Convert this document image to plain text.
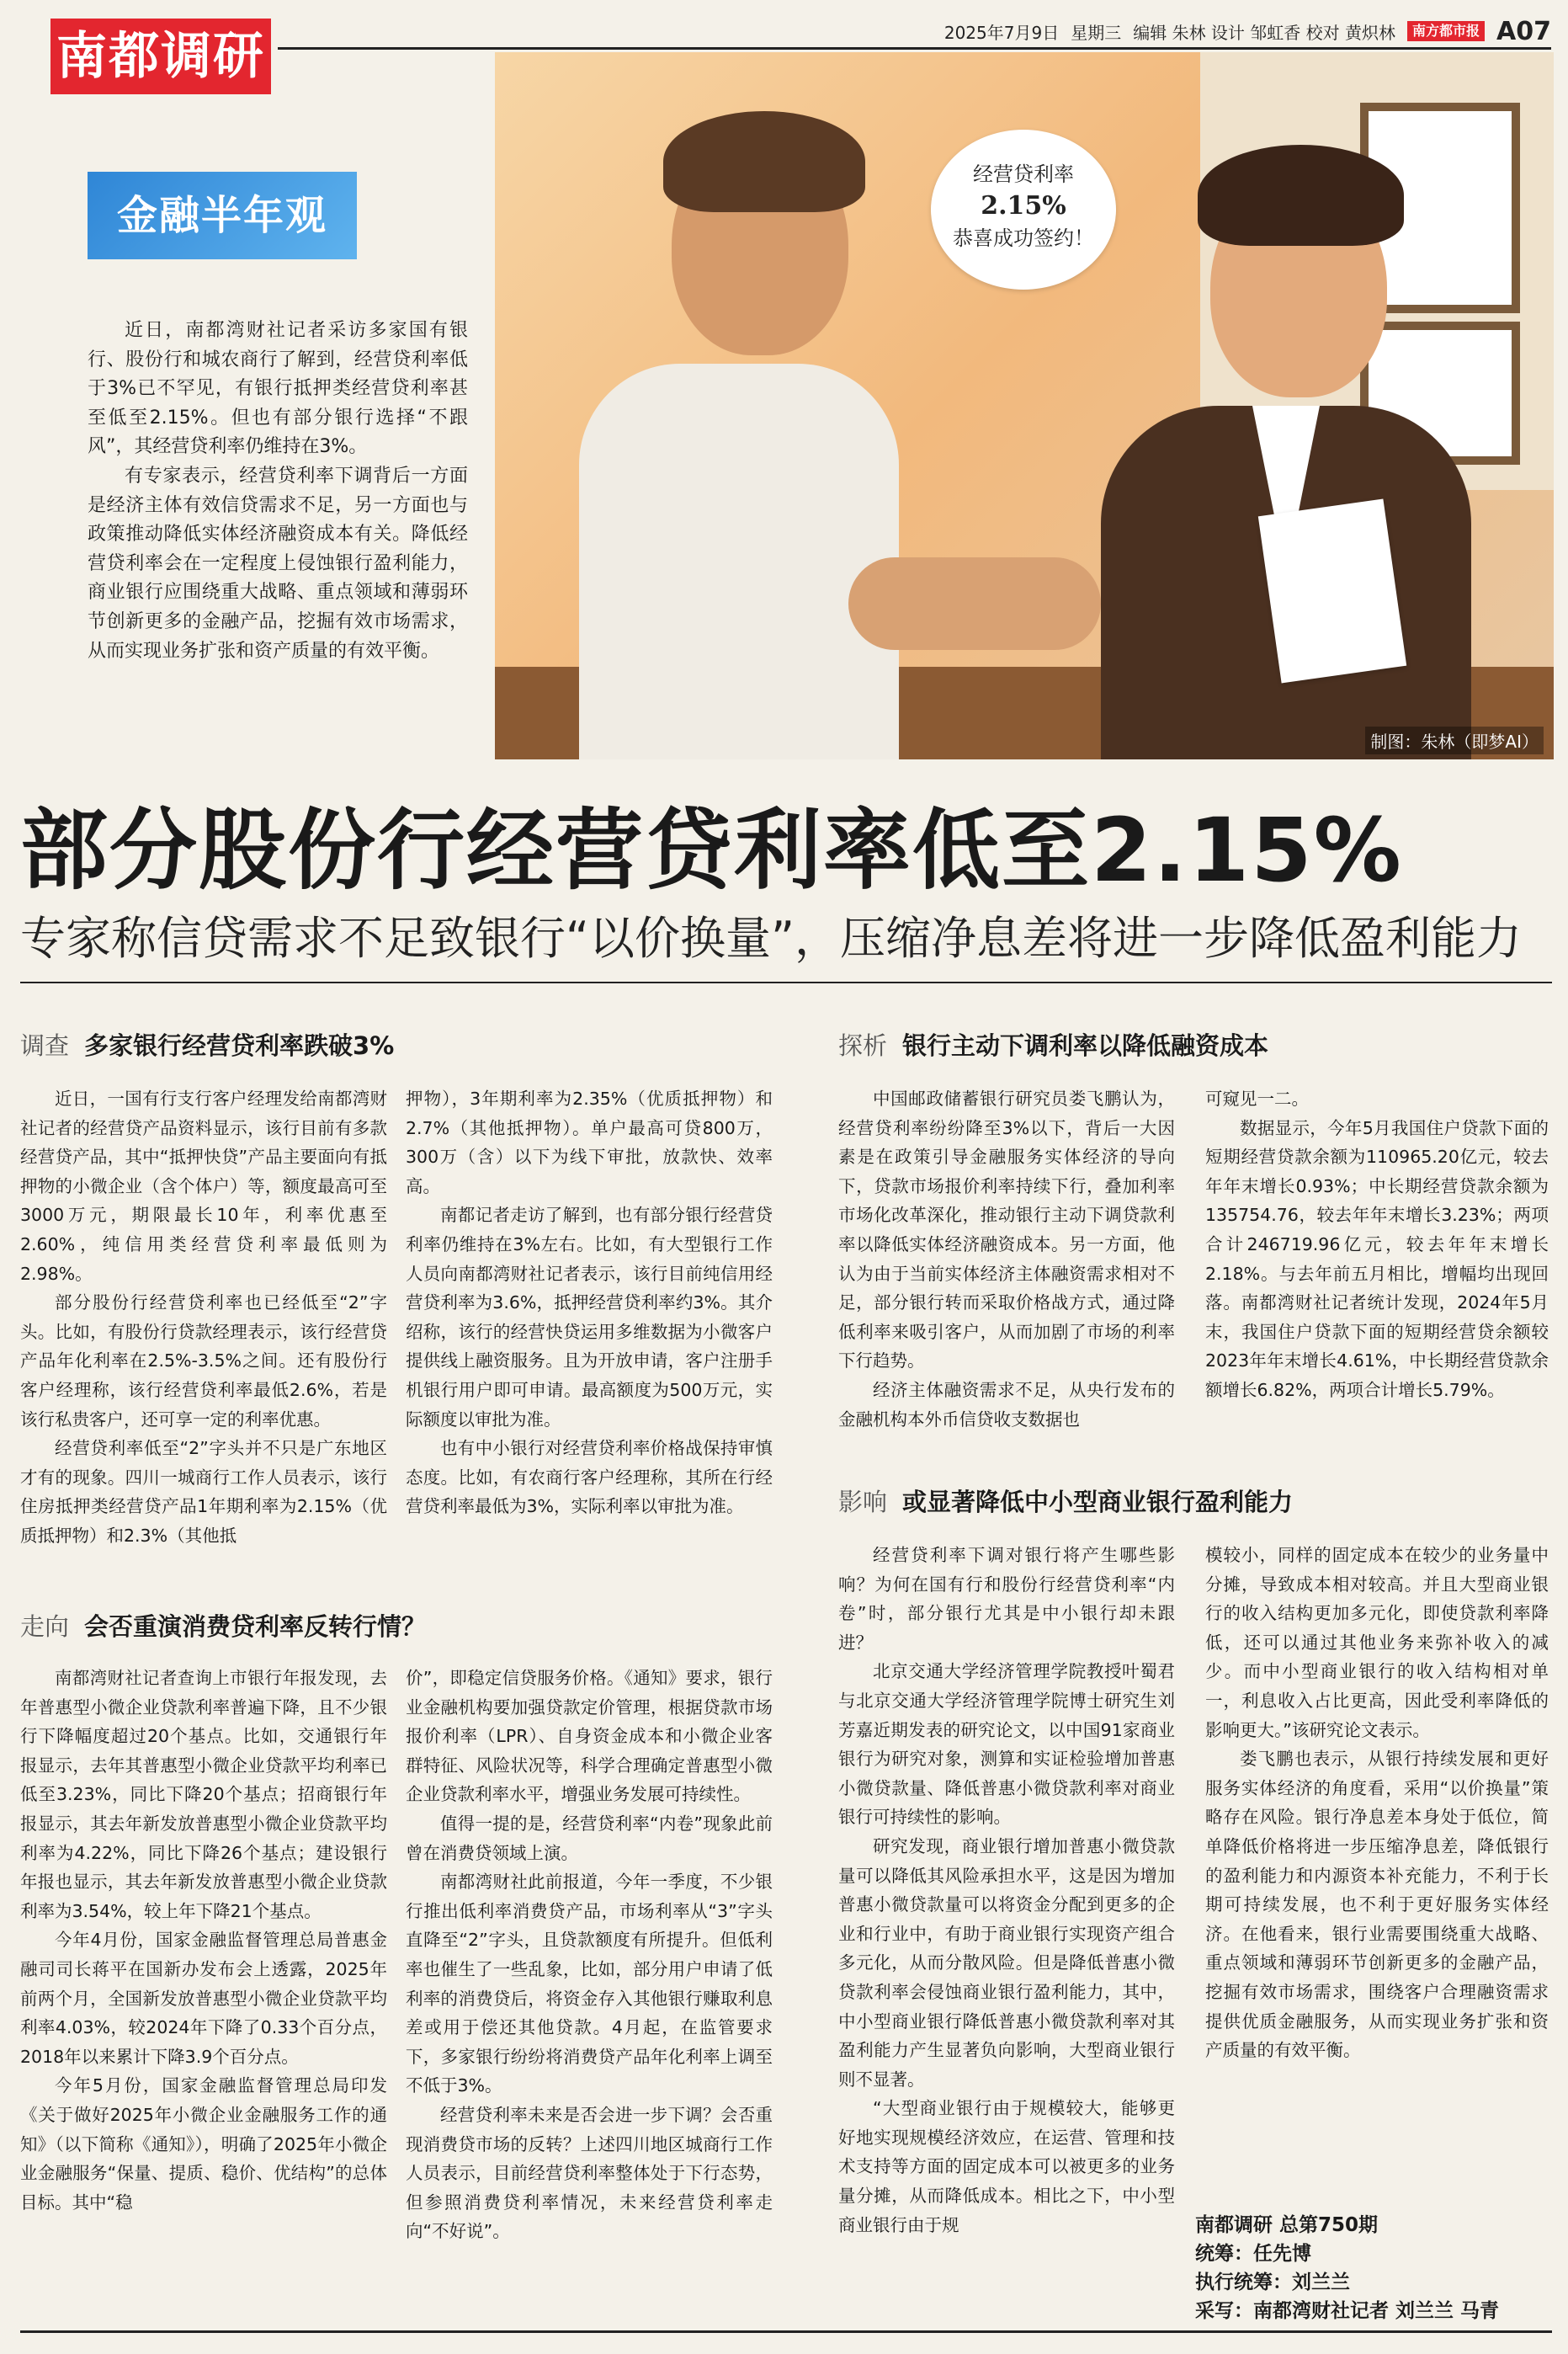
南都调研	2025年7月9日 星期三 编辑 朱林 设计 邹虹香 校对 黄炽林	南方都市报 A07
经营贷利率
2.15%
恭喜成功签约！
制图：朱林（即梦AI）
金融半年观

近日，南都湾财社记者采访多家国有银行、股份行和城农商行了解到，经营贷利率低于3%已不罕见，有银行抵押类经营贷利率甚至低至2.15%。但也有部分银行选择“不跟风”，其经营贷利率仍维持在3%。

有专家表示，经营贷利率下调背后一方面是经济主体有效信贷需求不足，另一方面也与政策推动降低实体经济融资成本有关。降低经营贷利率会在一定程度上侵蚀银行盈利能力，商业银行应围绕重大战略、重点领域和薄弱环节创新更多的金融产品，挖掘有效市场需求，从而实现业务扩张和资产质量的有效平衡。

部分股份行经营贷利率低至2.15%
专家称信贷需求不足致银行“以价换量”，压缩净息差将进一步降低盈利能力
调查 多家银行经营贷利率跌破3%

近日，一国有行支行客户经理发给南都湾财社记者的经营贷产品资料显示，该行目前有多款经营贷产品，其中“抵押快贷”产品主要面向有抵押物的小微企业（含个体户）等，额度最高可至3000万元，期限最长10年，利率优惠至2.60%，纯信用类经营贷利率最低则为2.98%。

部分股份行经营贷利率也已经低至“2”字头。比如，有股份行贷款经理表示，该行经营贷产品年化利率在2.5%-3.5%之间。还有股份行客户经理称，该行经营贷利率最低2.6%，若是该行私贵客户，还可享一定的利率优惠。

经营贷利率低至“2”字头并不只是广东地区才有的现象。四川一城商行工作人员表示，该行住房抵押类经营贷产品1年期利率为2.15%（优质抵押物）和2.3%（其他抵

押物），3年期利率为2.35%（优质抵押物）和2.7%（其他抵押物）。单户最高可贷800万，300万（含）以下为线下审批，放款快、效率高。

南都记者走访了解到，也有部分银行经营贷利率仍维持在3%左右。比如，有大型银行工作人员向南都湾财社记者表示，该行目前纯信用经营贷利率为3.6%，抵押经营贷利率约3%。其介绍称，该行的经营快贷运用多维数据为小微客户提供线上融资服务。且为开放申请，客户注册手机银行用户即可申请。最高额度为500万元，实际额度以审批为准。

也有中小银行对经营贷利率价格战保持审慎态度。比如，有农商行客户经理称，其所在行经营贷利率最低为3%，实际利率以审批为准。

走向 会否重演消费贷利率反转行情？

南都湾财社记者查询上市银行年报发现，去年普惠型小微企业贷款利率普遍下降，且不少银行下降幅度超过20个基点。比如，交通银行年报显示，去年其普惠型小微企业贷款平均利率已低至3.23%，同比下降20个基点；招商银行年报显示，其去年新发放普惠型小微企业贷款平均利率为4.22%，同比下降26个基点；建设银行年报也显示，其去年新发放普惠型小微企业贷款利率为3.54%，较上年下降21个基点。

今年4月份，国家金融监督管理总局普惠金融司司长蒋平在国新办发布会上透露，2025年前两个月，全国新发放普惠型小微企业贷款平均利率4.03%，较2024年下降了0.33个百分点，2018年以来累计下降3.9个百分点。

今年5月份，国家金融监督管理总局印发《关于做好2025年小微企业金融服务工作的通知》（以下简称《通知》），明确了2025年小微企业金融服务“保量、提质、稳价、优结构”的总体目标。其中“稳

价”，即稳定信贷服务价格。《通知》要求，银行业金融机构要加强贷款定价管理，根据贷款市场报价利率（LPR）、自身资金成本和小微企业客群特征、风险状况等，科学合理确定普惠型小微企业贷款利率水平，增强业务发展可持续性。

值得一提的是，经营贷利率“内卷”现象此前曾在消费贷领域上演。

南都湾财社此前报道，今年一季度，不少银行推出低利率消费贷产品，市场利率从“3”字头直降至“2”字头，且贷款额度有所提升。但低利率也催生了一些乱象，比如，部分用户申请了低利率的消费贷后，将资金存入其他银行赚取利息差或用于偿还其他贷款。4月起，在监管要求下，多家银行纷纷将消费贷产品年化利率上调至不低于3%。

经营贷利率未来是否会进一步下调？会否重现消费贷市场的反转？上述四川地区城商行工作人员表示，目前经营贷利率整体处于下行态势，但参照消费贷利率情况，未来经营贷利率走向“不好说”。

探析 银行主动下调利率以降低融资成本

中国邮政储蓄银行研究员娄飞鹏认为，经营贷利率纷纷降至3%以下，背后一大因素是在政策引导金融服务实体经济的导向下，贷款市场报价利率持续下行，叠加利率市场化改革深化，推动银行主动下调贷款利率以降低实体经济融资成本。另一方面，他认为由于当前实体经济主体融资需求相对不足，部分银行转而采取价格战方式，通过降低利率来吸引客户，从而加剧了市场的利率下行趋势。

经济主体融资需求不足，从央行发布的金融机构本外币信贷收支数据也

可窥见一二。

数据显示，今年5月我国住户贷款下面的短期经营贷款余额为110965.20亿元，较去年年末增长0.93%；中长期经营贷款余额为135754.76，较去年年末增长3.23%；两项合计246719.96亿元，较去年年末增长2.18%。与去年前五月相比，增幅均出现回落。南都湾财社记者统计发现，2024年5月末，我国住户贷款下面的短期经营贷余额较2023年年末增长4.61%，中长期经营贷款余额增长6.82%，两项合计增长5.79%。

影响 或显著降低中小型商业银行盈利能力

经营贷利率下调对银行将产生哪些影响？为何在国有行和股份行经营贷利率“内卷”时，部分银行尤其是中小银行却未跟进？

北京交通大学经济管理学院教授叶蜀君与北京交通大学经济管理学院博士研究生刘芳嘉近期发表的研究论文，以中国91家商业银行为研究对象，测算和实证检验增加普惠小微贷款量、降低普惠小微贷款利率对商业银行可持续性的影响。

研究发现，商业银行增加普惠小微贷款量可以降低其风险承担水平，这是因为增加普惠小微贷款量可以将资金分配到更多的企业和行业中，有助于商业银行实现资产组合多元化，从而分散风险。但是降低普惠小微贷款利率会侵蚀商业银行盈利能力，其中，中小型商业银行降低普惠小微贷款利率对其盈利能力产生显著负向影响，大型商业银行则不显著。

“大型商业银行由于规模较大，能够更好地实现规模经济效应，在运营、管理和技术支持等方面的固定成本可以被更多的业务量分摊，从而降低成本。相比之下，中小型商业银行由于规

模较小，同样的固定成本在较少的业务量中分摊，导致成本相对较高。并且大型商业银行的收入结构更加多元化，即使贷款利率降低，还可以通过其他业务来弥补收入的减少。而中小型商业银行的收入结构相对单一，利息收入占比更高，因此受利率降低的影响更大。”该研究论文表示。

娄飞鹏也表示，从银行持续发展和更好服务实体经济的角度看，采用“以价换量”策略存在风险。银行净息差本身处于低位，简单降低价格将进一步压缩净息差，降低银行的盈利能力和内源资本补充能力，不利于长期可持续发展，也不利于更好服务实体经济。在他看来，银行业需要围绕重大战略、重点领域和薄弱环节创新更多的金融产品，挖掘有效市场需求，围绕客户合理融资需求提供优质金融服务，从而实现业务扩张和资产质量的有效平衡。

南都调研 总第750期
统筹：任先博
执行统筹：刘兰兰
采写：南都湾财社记者 刘兰兰 马青
